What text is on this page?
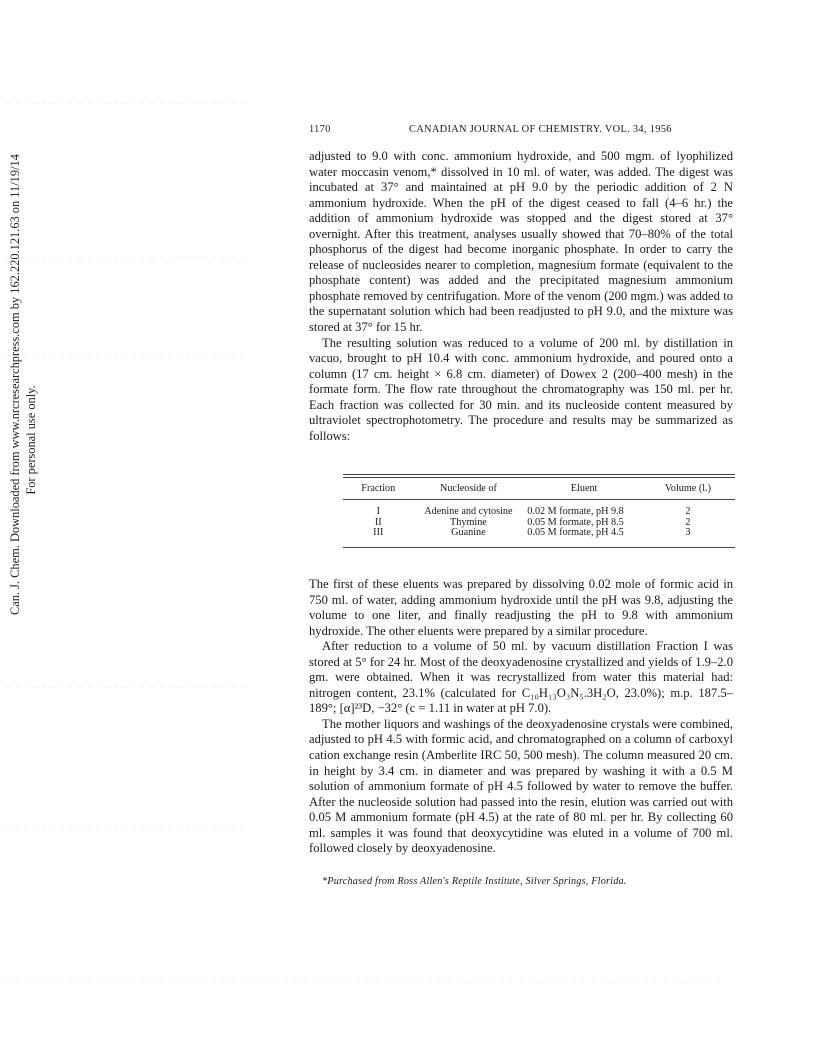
Can. J. Chem. Downloaded from www.nrcresearchpress.com by 162.220.121.63 on 11/19/14 For personal use only.
· · · · · · · · · · · · · · · · · · · · · · · · · · ·
· · · · · · · · · · · · · · · · · · · · · · · · · · ·
· · · · · · · · · · · · · · · · · · · · · · · · · · ·
· · · · · · · · · · · · · · · · · · · · · · · · · · ·
· · · · · · · · · · · · · · · · · · · · · · · · · · ·
· · · · · · · · · · · · · · · · · · · · · · · · · · · · · · · · · · · · · · · · · · · · · · · · · · · · · · · · · · · · · · · · · · · · · · · · · · · · · · · ·
1170	CANADIAN JOURNAL OF CHEMISTRY. VOL. 34, 1956

adjusted to 9.0 with conc. ammonium hydroxide, and 500 mgm. of lyophilized water moccasin venom,* dissolved in 10 ml. of water, was added. The digest was incubated at 37° and maintained at pH 9.0 by the periodic addition of 2 N ammonium hydroxide. When the pH of the digest ceased to fall (4–6 hr.) the addition of ammonium hydroxide was stopped and the digest stored at 37° overnight. After this treatment, analyses usually showed that 70–80% of the total phosphorus of the digest had become inorganic phosphate. In order to carry the release of nucleosides nearer to completion, magnesium formate (equivalent to the phosphate content) was added and the precipitated magnesium ammonium phosphate removed by centrifugation. More of the venom (200 mgm.) was added to the supernatant solution which had been readjusted to pH 9.0, and the mixture was stored at 37° for 15 hr.

The resulting solution was reduced to a volume of 200 ml. by distillation in vacuo, brought to pH 10.4 with conc. ammonium hydroxide, and poured onto a column (17 cm. height × 6.8 cm. diameter) of Dowex 2 (200–400 mesh) in the formate form. The flow rate throughout the chromatography was 150 ml. per hr. Each fraction was collected for 30 min. and its nucleoside content measured by ultraviolet spectrophotometry. The procedure and results may be summarized as follows:

Fraction	Nucleoside of	Eluent	Volume (l.)

I	Adenine and cytosine	0.02 M formate, pH 9.8	2
II	Thymine	0.05 M formate, pH 8.5	2
III	Guanine	0.05 M formate, pH 4.5	3

The first of these eluents was prepared by dissolving 0.02 mole of formic acid in 750 ml. of water, adding ammonium hydroxide until the pH was 9.8, adjusting the volume to one liter, and finally readjusting the pH to 9.8 with ammonium hydroxide. The other eluents were prepared by a similar procedure.

After reduction to a volume of 50 ml. by vacuum distillation Fraction I was stored at 5° for 24 hr. Most of the deoxyadenosine crystallized and yields of 1.9–2.0 gm. were obtained. When it was recrystallized from water this material had: nitrogen content, 23.1% (calculated for C₁₀H₁₃O₃N₅.3H₂O, 23.0%); m.p. 187.5–189°; [α]²³D, −32° (c = 1.11 in water at pH 7.0).

The mother liquors and washings of the deoxyadenosine crystals were combined, adjusted to pH 4.5 with formic acid, and chromatographed on a column of carboxyl cation exchange resin (Amberlite IRC 50, 500 mesh). The column measured 20 cm. in height by 3.4 cm. in diameter and was prepared by washing it with a 0.5 M solution of ammonium formate of pH 4.5 followed by water to remove the buffer. After the nucleoside solution had passed into the resin, elution was carried out with 0.05 M ammonium formate (pH 4.5) at the rate of 80 ml. per hr. By collecting 60 ml. samples it was found that deoxycytidine was eluted in a volume of 700 ml. followed closely by deoxyadenosine.

*Purchased from Ross Allen's Reptile Institute, Silver Springs, Florida.
